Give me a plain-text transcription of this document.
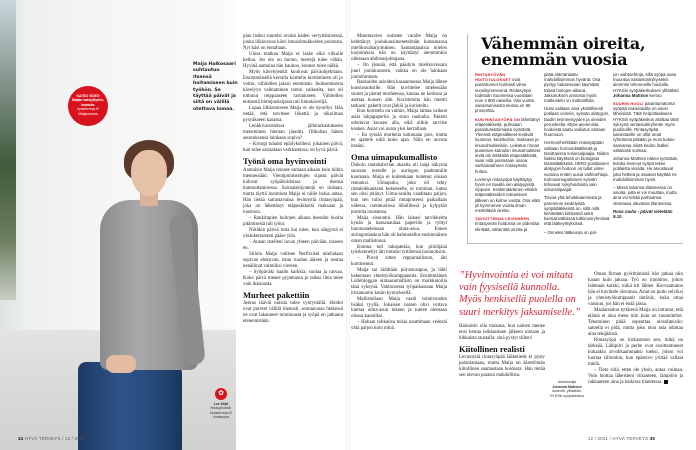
KATSO VIDEO
Maijan satsiyttymis-lomasta:
hyvaterveys.fi/ Maijankarma
✿
Lue lisää
rintasyövästä:
hyvaterveys.fi/ rintasyopa
Maija Halkosaari suhtautuu itsensä hoitamiseen kuin työhön. Se täyttää päivät ja siitä on välillä otettava lomaa.

pian lisiksi suurelsi avuksi käden verryttämisessä, jonka liikkuvuus kärsi imusolmukkeiden poistosta. Nyt käsi on ennallaan.

Uinsa matkaa Maija ei laske eikä vilkuile kelloa. Jos olo on huono, metrejä tulee vähän. Hyvinä aamuina hän kauhoo, kunnes tulee nälkä.

Myös kävelylenkit kuuluvat päiväohjelmaan. Ensimmäisellä kerralla korttelin kiertäminen oli jo voitto, vähitellen jaksoi enemmän. Juoksemisesta kävelyyn vaihtaminen tuntui vaikealta, kun oli tottunut reippaaseen rasitukseen. Vähitellen entisestä himojuoksijasta tuli himokävelijä.

Lupaa liikkumiseen Maija ei ole kysellyt. Hän tietää, että tarvitsee liikettä ja ulkoilmaa pysyäkseen kasassa.

Lenkkivarusteissa jälkitarkastukseen meneminen hieman jännitti. Olikohan hänen asustuksensa lainkaan sopiva?

– Kirurgi tuhahti epäilyksilleni: jokainen päivä, kun tulee sairaalaan verkkareissa, on hyvä päivä.

Työnä oma hyvinvointi

Aamuisin Maija nousee samaan aikaan kuin töihin mennessään. Vientipomistelujen sijasta päivät kuluvat syöpähoidoissa ja itsensä kuntouttamisessa. Sairaalakäynnejä on tiuhaan, mutta täyttä huomiota Maija ei niille halua antaa. Hän tietää sairastavansa levinnyttä rintasyöpää, joka on lähettänyt etäpesäkkeitä maksaan ja luustoon.

– Rankimpien hoitojen aikana itsestäni huolta pitämisestä tuli työni.

Niitäkin päiviä totta kai tulee, kun sängystä ei yksinkertaisesti pääse ylös.

– Annan itselleni luvan yhteen päivään, toiseen en.

Silloin Maija valitsee Netflixistä mielialaan sopivan elokuvan, istuu ruudun ääreen ja nostaa nenäliinat valmiiksi viereen.

– Syöpäväki haalin karkkia, suolaa ja rasvaa. Koko päivä menee pyjamassa ja raikas ilma tulee vain ikkunasta.

Murheet pakettiin

Joskus ikäviä uutisia tulee vyörymällä. Hoidot ovat purreet välillä hienosti, seuraavassa hetkessä ne ovat lakanneet toimimasta ja syöpä on jatkanut etenemistään.

34 HYVÄ TERVEYS / 12 / 2021

Masentavien uutisten varalle Maija on kehittänyt joulukuusimenetelmän kutsumansa mielikuvaharjoituksen. Samantapaisia mielen harjoituksia hän on käyttänyt aiemminkin ollessaan ahdistusjohtajana.

– On jännää, että päädyin mielikuvissani juuri joulukuuseen, vaikka en ole lainkaan jouluihminen.

Raskaiden asioiden kasaantuessa Maija lähtee kuusiostoksille. Hän kuvittelee mielessään suuret ja pienet murheensa, kantaa ne kotiinsa ja asettaa kuusen alle. Koristeluita hän miettii tarkasti: paketit ovat järkiä ja koristeltu.

Kun koristelu on valmis, Maija laittaa vaikeat asiat lahjapaperiin ja sitoo nauhalla. Paketit odottavat kuusen alla, eikä niihin tarvitse koskea. Asiat voi avata yksi kerrallaan.

– En syssää murheita kokonaan pois, mutta en ajattele niitä koko ajan. Näin en uuvuta itseäni.

Oma uimapukumallisto

Duhoin rantakahvilan akaalta oli laaja näkymä suoraan merelle ja auringon paahtamille kuumaan. Maija ei kuitenkaan tuntenut oloaan rennoksi. Uimapuku, joka oli tehty rintaleikkauksen kokeneelle, ei toiminut, kuten sen olisi pitänyt. Uima-asuilta vaaditaan paljon, kun sen tulisi pitää rintaproteesi paikallaan uidessa, rantatuolissa löhöillessä ja kylpylän porreita noustessa.

Maija sisuuntui. Hän lainasi tarvikkeitta kynän ja kassanauhaa paperille ja ryhtyi luonnostelemaan uima-asua. Ennen auringonlaskua hän oli hahmotellut ensimmäisen oman mallistonsa.

Kotona tuli takapakkia, kun piirtäjänä työskennellyt äiti tutustui tyttärensä luonnoksiin.

– Piirsit sitten reppumalliston, äiti kommentoi.

Maija sai äidiltään piirustusapua, ja lähti hakemaan yhteistyökumppaneita. Ensimmäinen Lollebloggan uimaasumallisto on markkinoilla tänä syksynä. Vakituisesta työpaikastaan Maija irtisanoutui kesän kynnyksellä.

Mallistollaan Maija vaatii toimivuuden lisäksi tyyliä. Jokaisen naisen olisi voitava luottaa uima-asun tukeen ja tuntee olemaan olossa kauniiksi.

– Haluan rohkaista toisia nauttimaan vedestä yhtä paljon kuin minä.

Vähemmän oireita,
enemmän vuosia

RINTASYÖVÄN HOITOTULOKSET ovat parantuneet huimasti viime vuosikymmeninä. Rintasyöpä todetaan Suomessa vuosittain noin 4 900 naisella. Viisi vuotta sairastumisesta elossa on 90 prosenttia.

KUN RINTASYÖPÄ ON lähettänyt etäpesäkkeitä, puhutaan parantumattomasta syövästä. Yleensä etäpesäkkeet leviävät luustoon, keuhkoihin, maksaan ja imusolmukkeisiin. Leikatun rinnan puoleisen kainalon imusolmukkeet eivät ole ärtäköitä etäpesäkkeitä, vaan niitä poistetaan osana varhaisvaiheen rintasyövän hoitoa.

Levinnyt rintasyöpä käyttäytyy hyvin eri tavalla sen alatyypistä riippuen. Keskimääräinen elinikä etäpesäkkeiden toteamisen jälkeen on kolme vuotta. Osa elää yli kymmenen vuotta ilman merkittäviä oireita.

TAVOITTEENA LEVINNEEN rintasyövän hoidossa on pidentää elinikää, vähentää oireita ja

pitää elämänlaatu mahdollisimman hyvänä. Osa pystyy halutessaan käymään töissä hoitojen aikana. Jaksotuksen ansiosta myös matkustelu on mahdollista.

Hoito valitaan aina yksilöllisesti potilaan voinnin, syövän alatyypin, taudin levinneisyyden ja oireiden perusteella. Myös aiemmista hoidoista saatu vaikutus otetaan huomioon.

Hormoniherkkään rintasyöpään valitaan hormonilääkkeitä ja tarvittaessa solunsalpaajia. Niiden lisäksi käytössä on biologisia täsmälääkkeitä. HER2-positiivisen alatyypin hoitoon on tullut viime vuosina eniten uusia vaihtoehtoja. Kolmoisnegatiivisen syövän tehoavat nykyhoidoista vain solunsalpaajat.

Toivoa yhä tehokkaammista ja paremmin siedetyistä syöpälääkkeistä on, sillä niitä kehitetään kiihkeästi sekä kansainvälisissä tutkimusryhmissä että lääkeyrityksissä.

– Onneksi lääkeosia on pal-

jon vaihtoehtoja, sillä syöpä osaa muuntua vastustuskykyiseksi aiemmin tehonneille hoidoille, HYKSin syöpäkeskuksen ylilääkäri Johanna Mattson kertoo.

SUURIN HUOLI parantumatonta syöpää sairastavilla on usein läheisistä. Tätä helpottaakseen HYKSin syöpäkeskus aloittaa tänä syksynä vertaistukiryhmän myös puolisoille. Rintasyöpää sairastaville on ollut omat ryhmänsä pitkään ja moni kokee saavansa niistä tiedon lisäksi valtavasti voimaa.

Johanna Mattson näkee työssään, kuinka levinnyt syöpä tekee potilaista viisaita. He arvostavat joka hetkeä ja osaavat käyttää ne mahdollisimman hyvin.

– Missä tahansa tilanteessa on asioita, joita ei voi muuttaa, mutta aina voi tehdä parhaansa olemassa olevassa tilanteessa.

Rosa rauha - päivät vietetään 9.10.

”Hyvinvointia ei voi mitata vain fyysisellä kunnolla. Myös henkisellä puolella on suuri merkitys jaksamiselle.”

Haluaisin olla mukana, kun nainen menee ensi kertaa leikkauksen jälkeen uimaan ja hihkaista taustalla: sinä pystyt siihen!

Kiitollinen realisti

Levinnyttä rintasyöpää lääketiede ei pysty parantamaan, mutta Maija on äärettömän kiitollinen saamastaan hoidosta. Hän tietää sen olevan parasta mahdollista.

Asiantuntija
Johanna Mattson
dosentti, ylilääkäri, HYKSin syöpäkeskus

Oman firman pyörittämistä hän jatkaa niin kauan kuin jaksaa. Työ on intohimo, johon laitetaan kaikki, mikä irti lähtee. Korvaamaton hän ei kuvittele olevansa. Asiat on puitu selviksi ja yhteistyökumppanit tietävät, kuka ottaa vastuun, jos hän ei enää jaksa.

Maalaistalon tyttärenä Maija on tottunut, että elämä ei aina mene niin kuin on suunnitellut. Tekeminen pitää sopeuttaa olosuhteisiin: satoella ei pidä, mutta joku muu asia odottaa aina tekijäänsä.

Rintasyöpä on kirkastanut sen, mikä on tärkeää. Lähipiiri ja perhe ovat osoittautuneet kuhaakin arvokkaammaksi tueksi, johon voi luottaa silloinkin, kun epätoivo yrittää vallata mielä.

– Tieto siitä, etten ole yksin, antaa voimaa. Voin luottaa läheisteni viisauteen, lämpöön ja rakkauteen aina ja kaikissa tilanteissa.

12 / 2021 / HYVÄ TERVEYS 35
